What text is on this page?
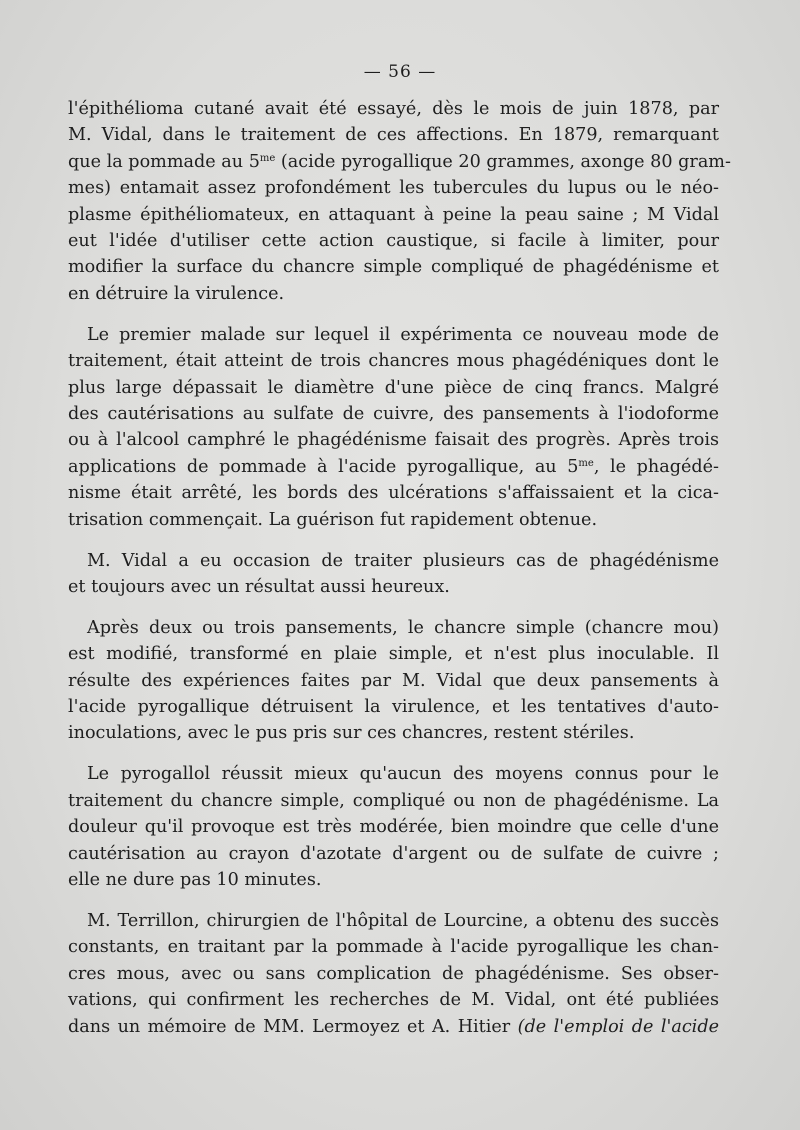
— 56 —

l'épithélioma cutané avait été essayé, dès le mois de juin 1878, par
M. Vidal, dans le traitement de ces affections. En 1879, remarquant
que la pommade au $5^{me}$ (acide pyrogallique 20 grammes, axonge 80 gram-
mes) entamait assez profondément les tubercules du lupus ou le néo-
plasme épithéliomateux, en attaquant à peine la peau saine ; M Vidal
eut l'idée d'utiliser cette action caustique, si facile à limiter, pour
modifier la surface du chancre simple compliqué de phagédénisme et
en détruire la virulence.

Le premier malade sur lequel il expérimenta ce nouveau mode de
traitement, était atteint de trois chancres mous phagédéniques dont le
plus large dépassait le diamètre d'une pièce de cinq francs. Malgré
des cautérisations au sulfate de cuivre, des pansements à l'iodoforme
ou à l'alcool camphré le phagédénisme faisait des progrès. Après trois
applications de pommade à l'acide pyrogallique, au $5^{me}$, le phagédé-
nisme était arrêté, les bords des ulcérations s'affaissaient et la cica-
trisation commençait. La guérison fut rapidement obtenue.

M. Vidal a eu occasion de traiter plusieurs cas de phagédénisme
et toujours avec un résultat aussi heureux.

Après deux ou trois pansements, le chancre simple (chancre mou)
est modifié, transformé en plaie simple, et n'est plus inoculable. Il
résulte des expériences faites par M. Vidal que deux pansements à
l'acide pyrogallique détruisent la virulence, et les tentatives d'auto-
inoculations, avec le pus pris sur ces chancres, restent stériles.

Le pyrogallol réussit mieux qu'aucun des moyens connus pour le
traitement du chancre simple, compliqué ou non de phagédénisme. La
douleur qu'il provoque est très modérée, bien moindre que celle d'une
cautérisation au crayon d'azotate d'argent ou de sulfate de cuivre ;
elle ne dure pas 10 minutes.

M. Terrillon, chirurgien de l'hôpital de Lourcine, a obtenu des succès
constants, en traitant par la pommade à l'acide pyrogallique les chan-
cres mous, avec ou sans complication de phagédénisme. Ses obser-
vations, qui confirment les recherches de M. Vidal, ont été publiées
dans un mémoire de MM. Lermoyez et A. Hitier (de l'emploi de l'acide
